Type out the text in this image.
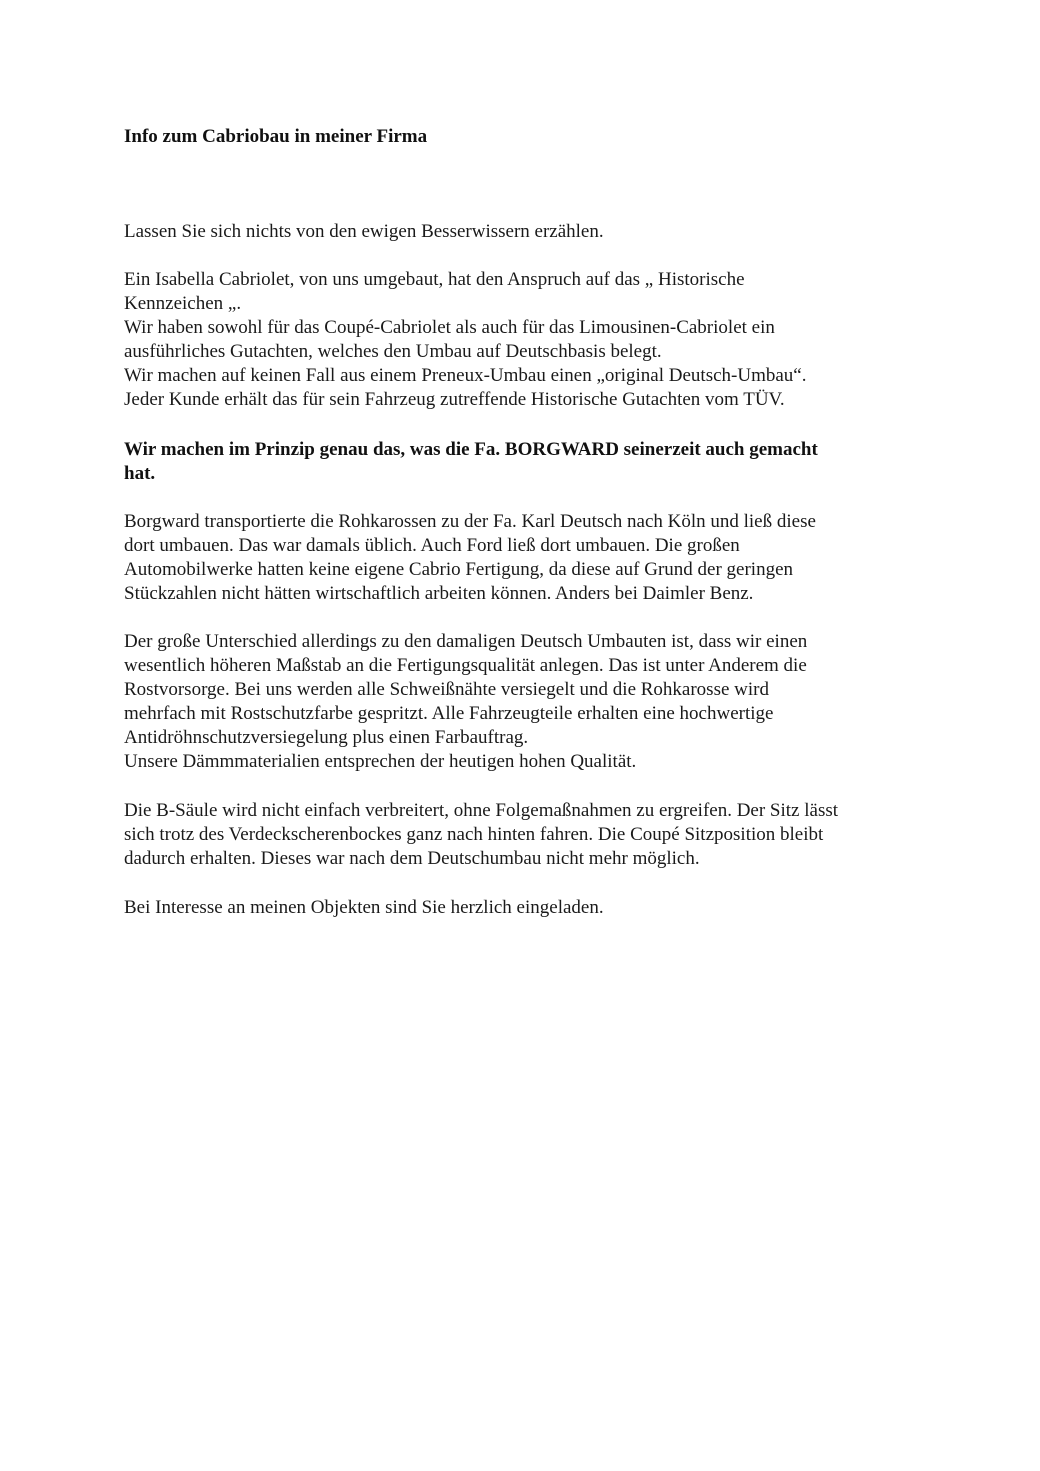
Info zum Cabriobau in meiner Firma

Lassen Sie sich nichts von den ewigen Besserwissern erzählen.

Ein Isabella Cabriolet, von uns umgebaut, hat den Anspruch auf das „ Historische
Kennzeichen „.
Wir haben sowohl für das Coupé-Cabriolet als auch für das Limousinen-Cabriolet ein
ausführliches Gutachten, welches den Umbau auf Deutschbasis belegt.
Wir machen auf keinen Fall aus einem Preneux-Umbau einen „original Deutsch-Umbau“.
Jeder Kunde erhält das für sein Fahrzeug zutreffende Historische Gutachten vom TÜV.

Wir machen im Prinzip genau das, was die Fa. BORGWARD seinerzeit auch gemacht
hat.

Borgward transportierte die Rohkarossen zu der Fa. Karl Deutsch nach Köln und ließ diese
dort umbauen. Das war damals üblich. Auch Ford ließ dort umbauen. Die großen
Automobilwerke hatten keine eigene Cabrio Fertigung, da diese auf Grund der geringen
Stückzahlen nicht hätten wirtschaftlich arbeiten können. Anders bei Daimler Benz.

Der große Unterschied allerdings zu den damaligen Deutsch Umbauten ist, dass wir einen
wesentlich höheren Maßstab an die Fertigungsqualität anlegen. Das ist unter Anderem die
Rostvorsorge. Bei uns werden alle Schweißnähte versiegelt und die Rohkarosse wird
mehrfach mit Rostschutzfarbe gespritzt. Alle Fahrzeugteile erhalten eine hochwertige
Antidröhnschutzversiegelung plus einen Farbauftrag.
Unsere Dämmmaterialien entsprechen der heutigen hohen Qualität.

Die B-Säule wird nicht einfach verbreitert, ohne Folgemaßnahmen zu ergreifen. Der Sitz lässt
sich trotz des Verdeckscherenbockes ganz nach hinten fahren. Die Coupé Sitzposition bleibt
dadurch erhalten. Dieses war nach dem Deutschumbau nicht mehr möglich.

Bei Interesse an meinen Objekten sind Sie herzlich eingeladen.
